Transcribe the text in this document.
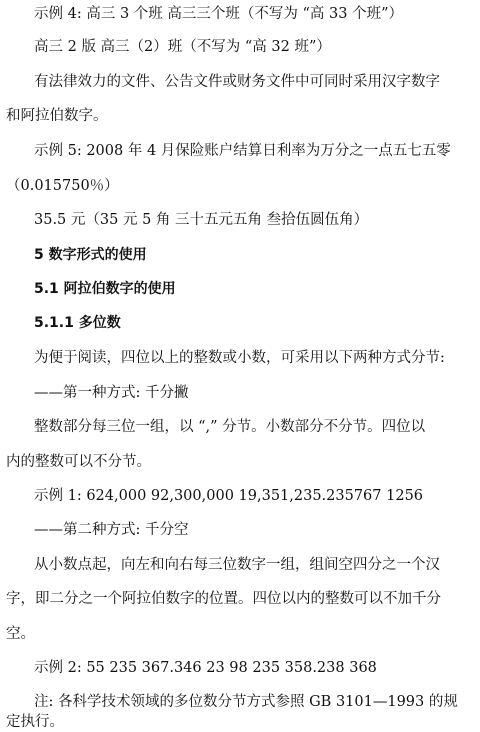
示例 4: 高三 3 个班 高三三个班（不写为 “高 33 个班”）
高三 2 版 高三（2）班（不写为 “高 32 班”）
有法律效力的文件、公告文件或财务文件中可同时采用汉字数字
和阿拉伯数字。
示例 5: 2008 年 4 月保险账户结算日利率为万分之一点五七五零
（0.015750％）
35.5 元（35 元 5 角 三十五元五角 叁拾伍圆伍角）
5 数字形式的使用
5.1 阿拉伯数字的使用
5.1.1 多位数
为便于阅读，四位以上的整数或小数，可采用以下两种方式分节:
——第一种方式: 千分撇
整数部分每三位一组，以 “,” 分节。小数部分不分节。四位以
内的整数可以不分节。
示例 1: 624,000 92,300,000 19,351,235.235767 1256
——第二种方式: 千分空
从小数点起，向左和向右每三位数字一组，组间空四分之一个汉
字，即二分之一个阿拉伯数字的位置。四位以内的整数可以不加千分
空。
示例 2: 55 235 367.346 23 98 235 358.238 368
注: 各科学技术领域的多位数分节方式参照 GB 3101—1993 的规
定执行。
